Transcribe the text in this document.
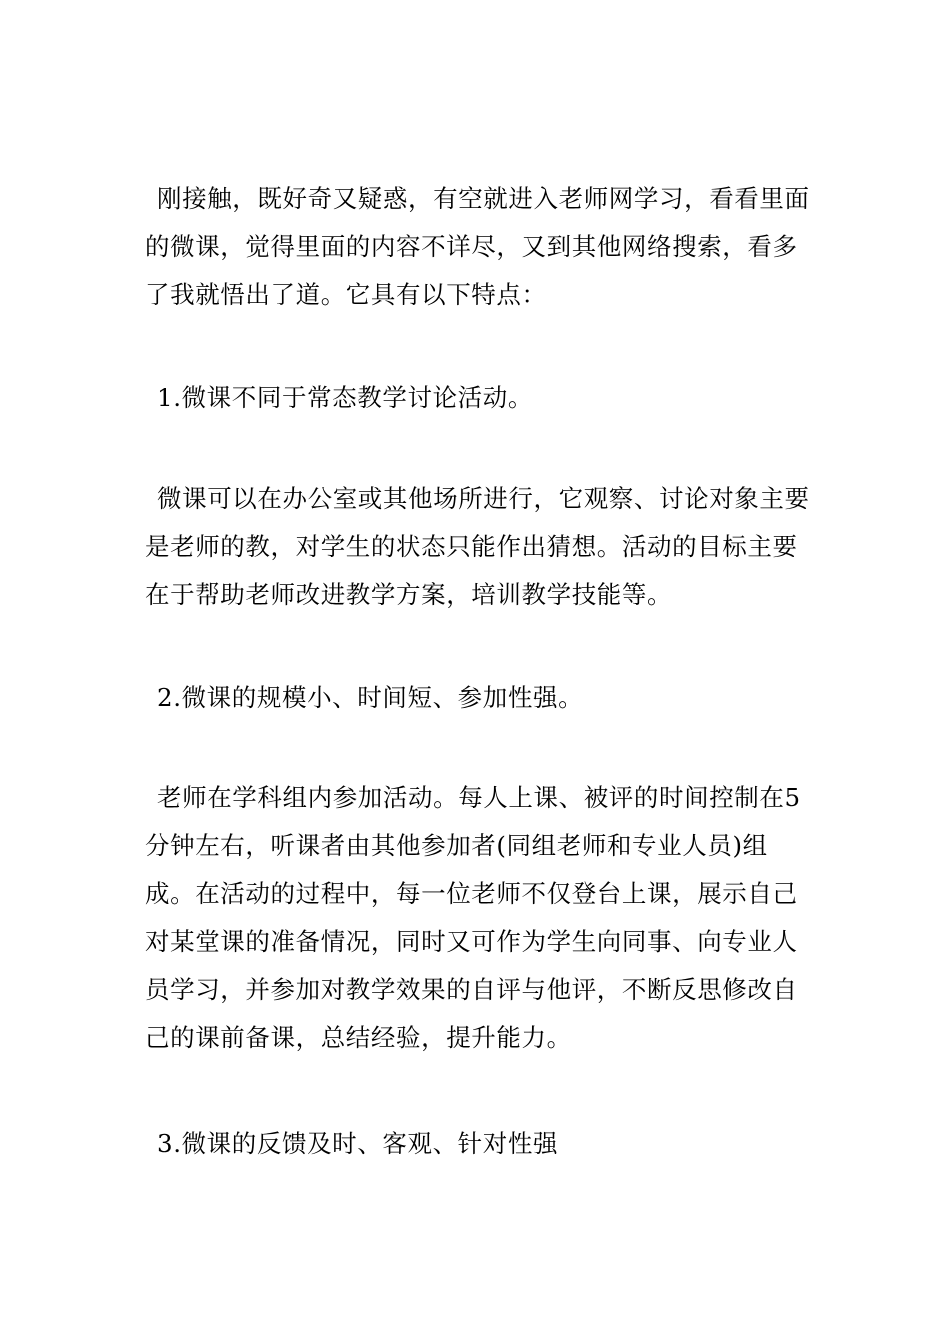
刚接触，既好奇又疑惑，有空就进入老师网学习，看看里面的微课，觉得里面的内容不详尽，又到其他网络搜索，看多了我就悟出了道。它具有以下特点：

1.微课不同于常态教学讨论活动。

微课可以在办公室或其他场所进行，它观察、讨论对象主要是老师的教，对学生的状态只能作出猜想。活动的目标主要在于帮助老师改进教学方案，培训教学技能等。

2.微课的规模小、时间短、参加性强。

老师在学科组内参加活动。每人上课、被评的时间控制在5分钟左右，听课者由其他参加者(同组老师和专业人员)组成。在活动的过程中，每一位老师不仅登台上课，展示自己对某堂课的准备情况，同时又可作为学生向同事、向专业人员学习，并参加对教学效果的自评与他评，不断反思修改自己的课前备课，总结经验，提升能力。

3.微课的反馈及时、客观、针对性强
